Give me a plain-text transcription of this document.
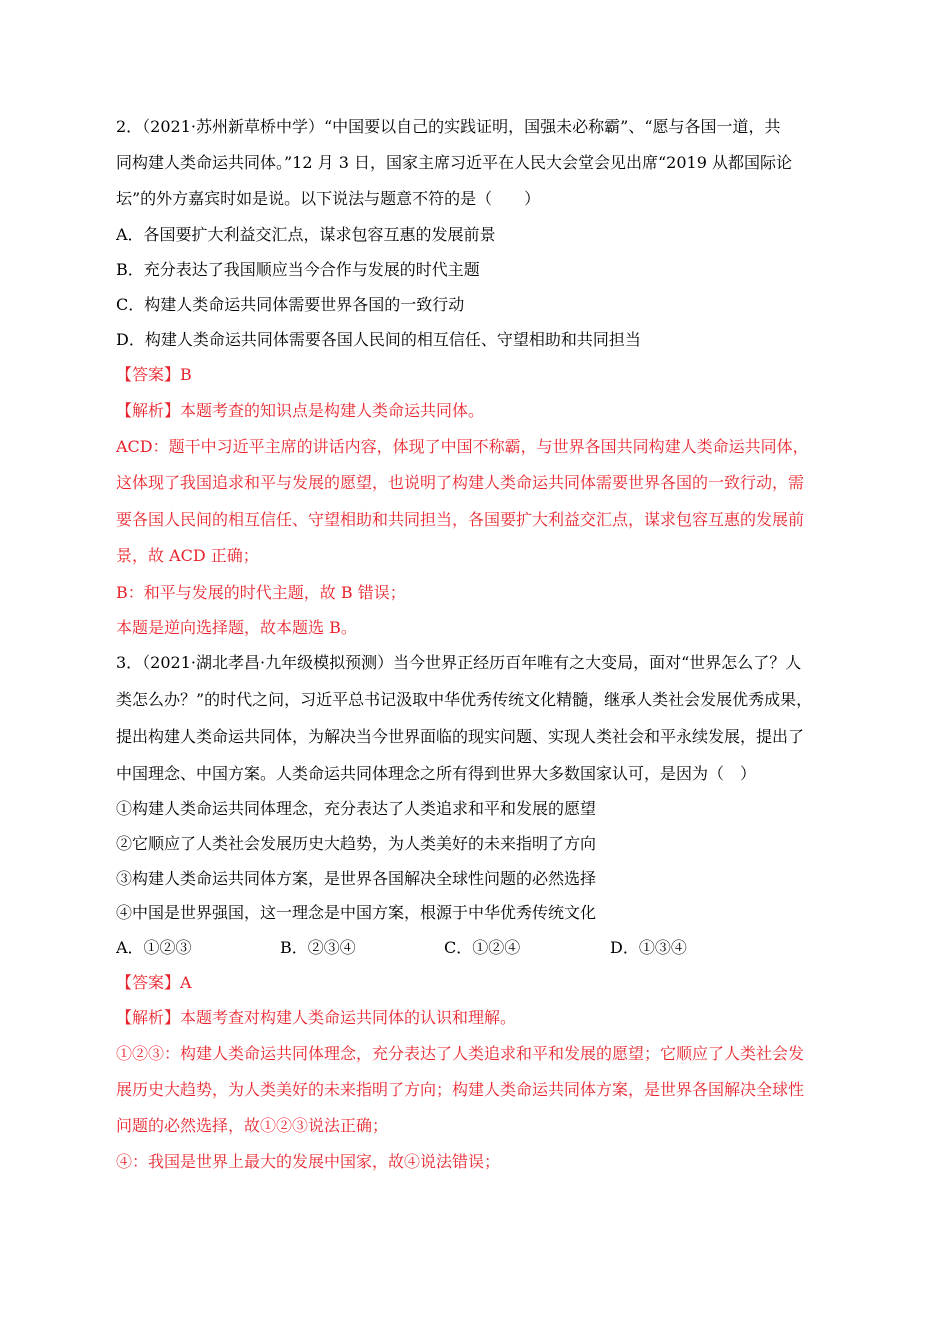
2．（2021·苏州新草桥中学）“中国要以自己的实践证明，国强未必称霸”、“愿与各国一道，共
同构建人类命运共同体。”12 月 3 日，国家主席习近平在人民大会堂会见出席“2019 从都国际论
坛”的外方嘉宾时如是说。以下说法与题意不符的是（　　）
A．各国要扩大利益交汇点，谋求包容互惠的发展前景
B．充分表达了我国顺应当今合作与发展的时代主题
C．构建人类命运共同体需要世界各国的一致行动
D．构建人类命运共同体需要各国人民间的相互信任、守望相助和共同担当
【答案】B
【解析】本题考查的知识点是构建人类命运共同体。
ACD：题干中习近平主席的讲话内容，体现了中国不称霸，与世界各国共同构建人类命运共同体，
这体现了我国追求和平与发展的愿望，也说明了构建人类命运共同体需要世界各国的一致行动，需
要各国人民间的相互信任、守望相助和共同担当，各国要扩大利益交汇点，谋求包容互惠的发展前
景，故 ACD 正确；
B：和平与发展的时代主题，故 B 错误；
本题是逆向选择题，故本题选 B。
3．（2021·湖北孝昌·九年级模拟预测）当今世界正经历百年唯有之大变局，面对“世界怎么了？人
类怎么办？”的时代之问，习近平总书记汲取中华优秀传统文化精髓，继承人类社会发展优秀成果，
提出构建人类命运共同体，为解决当今世界面临的现实问题、实现人类社会和平永续发展，提出了
中国理念、中国方案。人类命运共同体理念之所有得到世界大多数国家认可，是因为（　）
①构建人类命运共同体理念，充分表达了人类追求和平和发展的愿望
②它顺应了人类社会发展历史大趋势，为人类美好的未来指明了方向
③构建人类命运共同体方案，是世界各国解决全球性问题的必然选择
④中国是世界强国，这一理念是中国方案，根源于中华优秀传统文化
A．①②③	B．②③④	C．①②④	D．①③④
【答案】A
【解析】本题考查对构建人类命运共同体的认识和理解。
①②③：构建人类命运共同体理念，充分表达了人类追求和平和发展的愿望；它顺应了人类社会发
展历史大趋势，为人类美好的未来指明了方向；构建人类命运共同体方案，是世界各国解决全球性
问题的必然选择，故①②③说法正确；
④：我国是世界上最大的发展中国家，故④说法错误；
